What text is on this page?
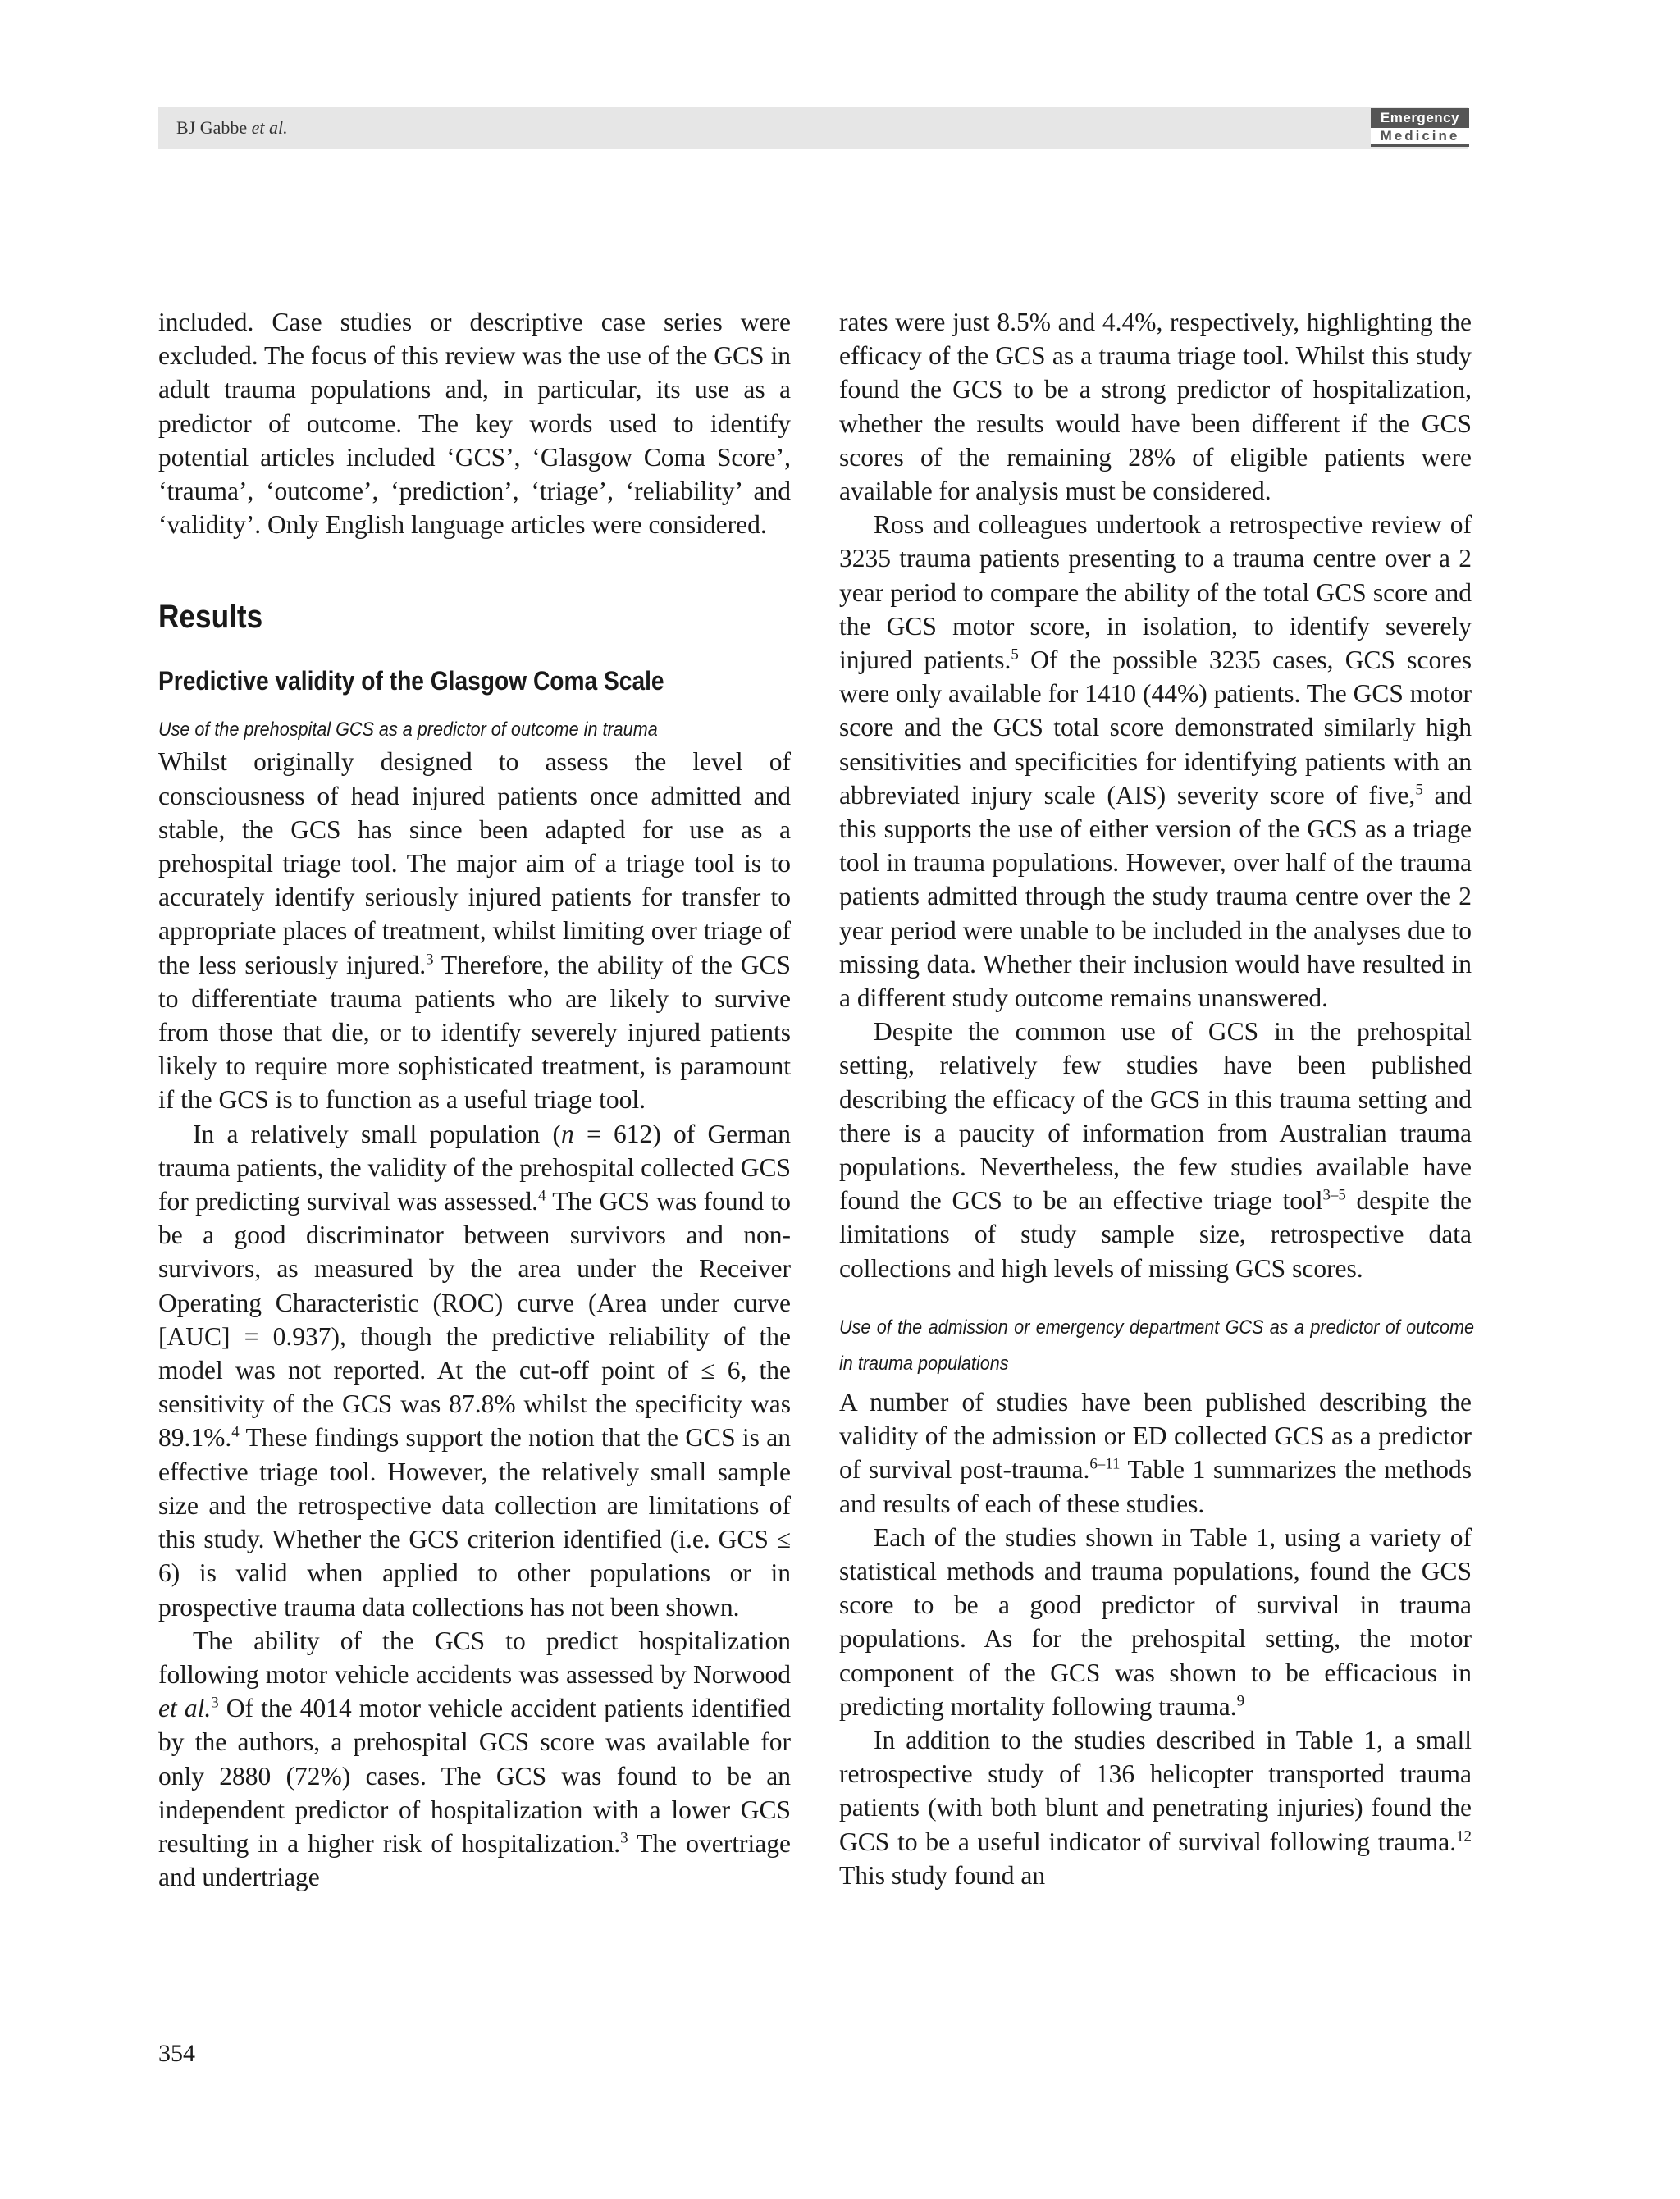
BJ Gabbe et al.	Emergency
Medicine

included. Case studies or descriptive case series were excluded. The focus of this review was the use of the GCS in adult trauma populations and, in particular, its use as a predictor of outcome. The key words used to identify potential articles included ‘GCS’, ‘Glasgow Coma Score’, ‘trauma’, ‘outcome’, ‘prediction’, ‘triage’, ‘reliability’ and ‘validity’. Only English language articles were considered.

Results
Predictive validity of the Glasgow Coma Scale
Use of the prehospital GCS as a predictor of outcome in trauma

Whilst originally designed to assess the level of consciousness of head injured patients once admitted and stable, the GCS has since been adapted for use as a prehospital triage tool. The major aim of a triage tool is to accurately identify seriously injured patients for transfer to appropriate places of treatment, whilst limiting over triage of the less seriously injured.$^3$ Therefore, the ability of the GCS to differentiate trauma patients who are likely to survive from those that die, or to identify severely injured patients likely to require more sophisticated treatment, is paramount if the GCS is to function as a useful triage tool.

In a relatively small population (n = 612) of German trauma patients, the validity of the prehospital collected GCS for predicting survival was assessed.$^4$ The GCS was found to be a good discriminator between survivors and non-survivors, as measured by the area under the Receiver Operating Characteristic (ROC) curve (Area under curve [AUC] = 0.937), though the predictive reliability of the model was not reported. At the cut-off point of ≤ 6, the sensitivity of the GCS was 87.8% whilst the specificity was 89.1%.$^4$ These findings support the notion that the GCS is an effective triage tool. However, the relatively small sample size and the retrospective data collection are limitations of this study. Whether the GCS criterion identified (i.e. GCS ≤ 6) is valid when applied to other populations or in prospective trauma data collections has not been shown.

The ability of the GCS to predict hospitalization following motor vehicle accidents was assessed by Norwood et al.$^3$ Of the 4014 motor vehicle accident patients identified by the authors, a prehospital GCS score was available for only 2880 (72%) cases. The GCS was found to be an independent predictor of hospitalization with a lower GCS resulting in a higher risk of hospitalization.$^3$ The overtriage and undertriage

rates were just 8.5% and 4.4%, respectively, highlighting the efficacy of the GCS as a trauma triage tool. Whilst this study found the GCS to be a strong predictor of hospitalization, whether the results would have been different if the GCS scores of the remaining 28% of eligible patients were available for analysis must be considered.

Ross and colleagues undertook a retrospective review of 3235 trauma patients presenting to a trauma centre over a 2 year period to compare the ability of the total GCS score and the GCS motor score, in isolation, to identify severely injured patients.$^5$ Of the possible 3235 cases, GCS scores were only available for 1410 (44%) patients. The GCS motor score and the GCS total score demonstrated similarly high sensitivities and specificities for identifying patients with an abbreviated injury scale (AIS) severity score of five,$^5$ and this supports the use of either version of the GCS as a triage tool in trauma populations. However, over half of the trauma patients admitted through the study trauma centre over the 2 year period were unable to be included in the analyses due to missing data. Whether their inclusion would have resulted in a different study outcome remains unanswered.

Despite the common use of GCS in the prehospital setting, relatively few studies have been published describing the efficacy of the GCS in this trauma setting and there is a paucity of information from Australian trauma populations. Nevertheless, the few studies available have found the GCS to be an effective triage tool$^{3-5}$ despite the limitations of study sample size, retrospective data collections and high levels of missing GCS scores.

Use of the admission or emergency department GCS as a predictor of outcome in trauma populations

A number of studies have been published describing the validity of the admission or ED collected GCS as a predictor of survival post-trauma.$^{6-11}$ Table 1 summarizes the methods and results of each of these studies.

Each of the studies shown in Table 1, using a variety of statistical methods and trauma populations, found the GCS score to be a good predictor of survival in trauma populations. As for the prehospital setting, the motor component of the GCS was shown to be efficacious in predicting mortality following trauma.$^9$

In addition to the studies described in Table 1, a small retrospective study of 136 helicopter transported trauma patients (with both blunt and penetrating injuries) found the GCS to be a useful indicator of survival following trauma.$^{12}$ This study found an

354
